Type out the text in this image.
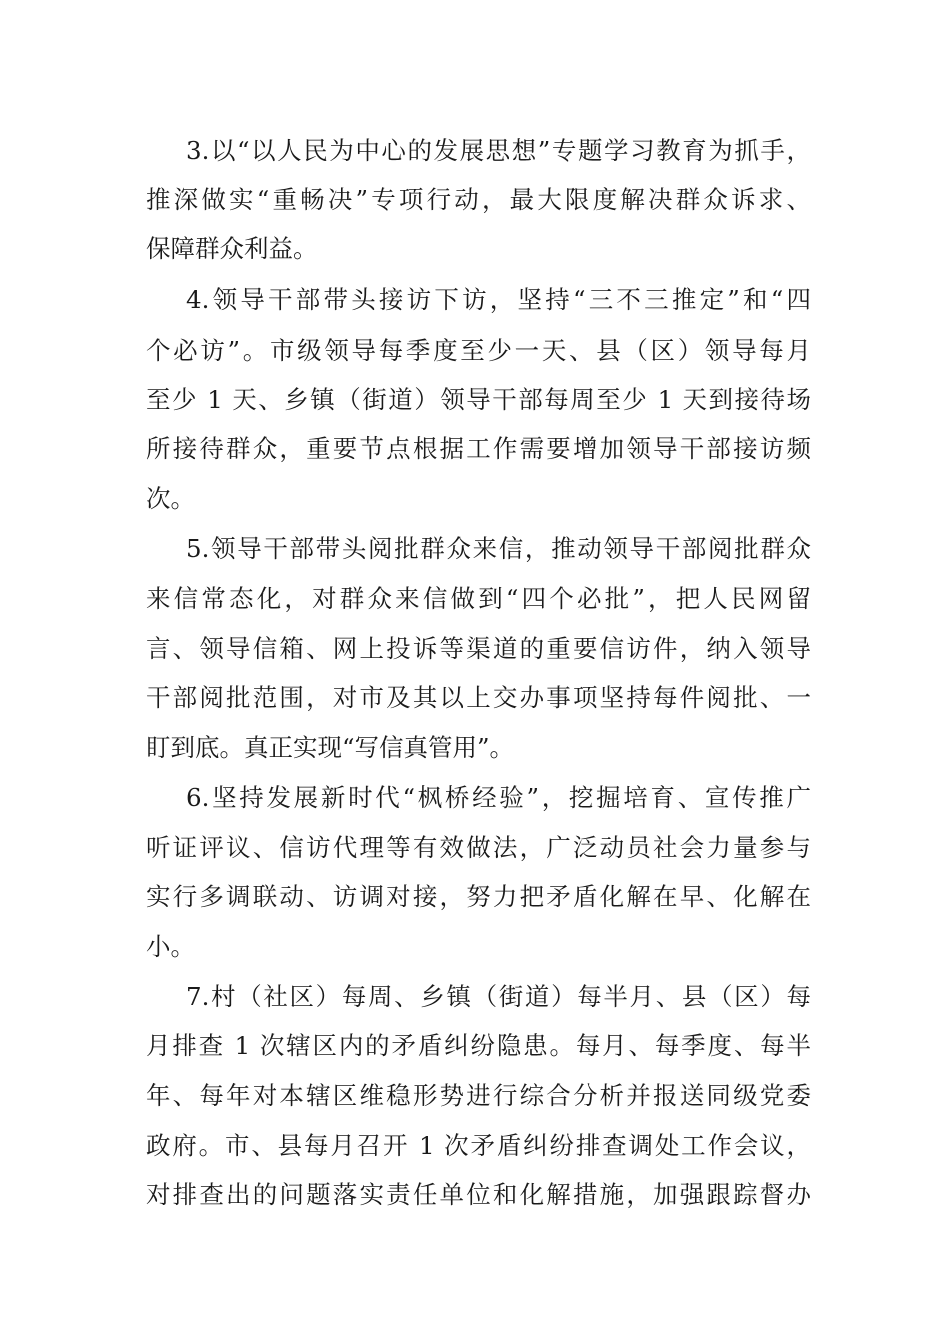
3.以“以人民为中心的发展思想”专题学习教育为抓手，
推深做实“重畅决”专项行动，最大限度解决群众诉求、
保障群众利益。
4.领导干部带头接访下访，坚持“三不三推定”和“四
个必访”。市级领导每季度至少一天、县（区）领导每月
至少 1 天、乡镇（街道）领导干部每周至少 1 天到接待场
所接待群众，重要节点根据工作需要增加领导干部接访频
次。
5.领导干部带头阅批群众来信，推动领导干部阅批群众
来信常态化，对群众来信做到“四个必批”，把人民网留
言、领导信箱、网上投诉等渠道的重要信访件，纳入领导
干部阅批范围，对市及其以上交办事项坚持每件阅批、一
盯到底。真正实现“写信真管用”。
6.坚持发展新时代“枫桥经验”，挖掘培育、宣传推广
听证评议、信访代理等有效做法，广泛动员社会力量参与
实行多调联动、访调对接，努力把矛盾化解在早、化解在
小。
7.村（社区）每周、乡镇（街道）每半月、县（区）每
月排查 1 次辖区内的矛盾纠纷隐患。每月、每季度、每半
年、每年对本辖区维稳形势进行综合分析并报送同级党委
政府。市、县每月召开 1 次矛盾纠纷排查调处工作会议，
对排查出的问题落实责任单位和化解措施，加强跟踪督办
